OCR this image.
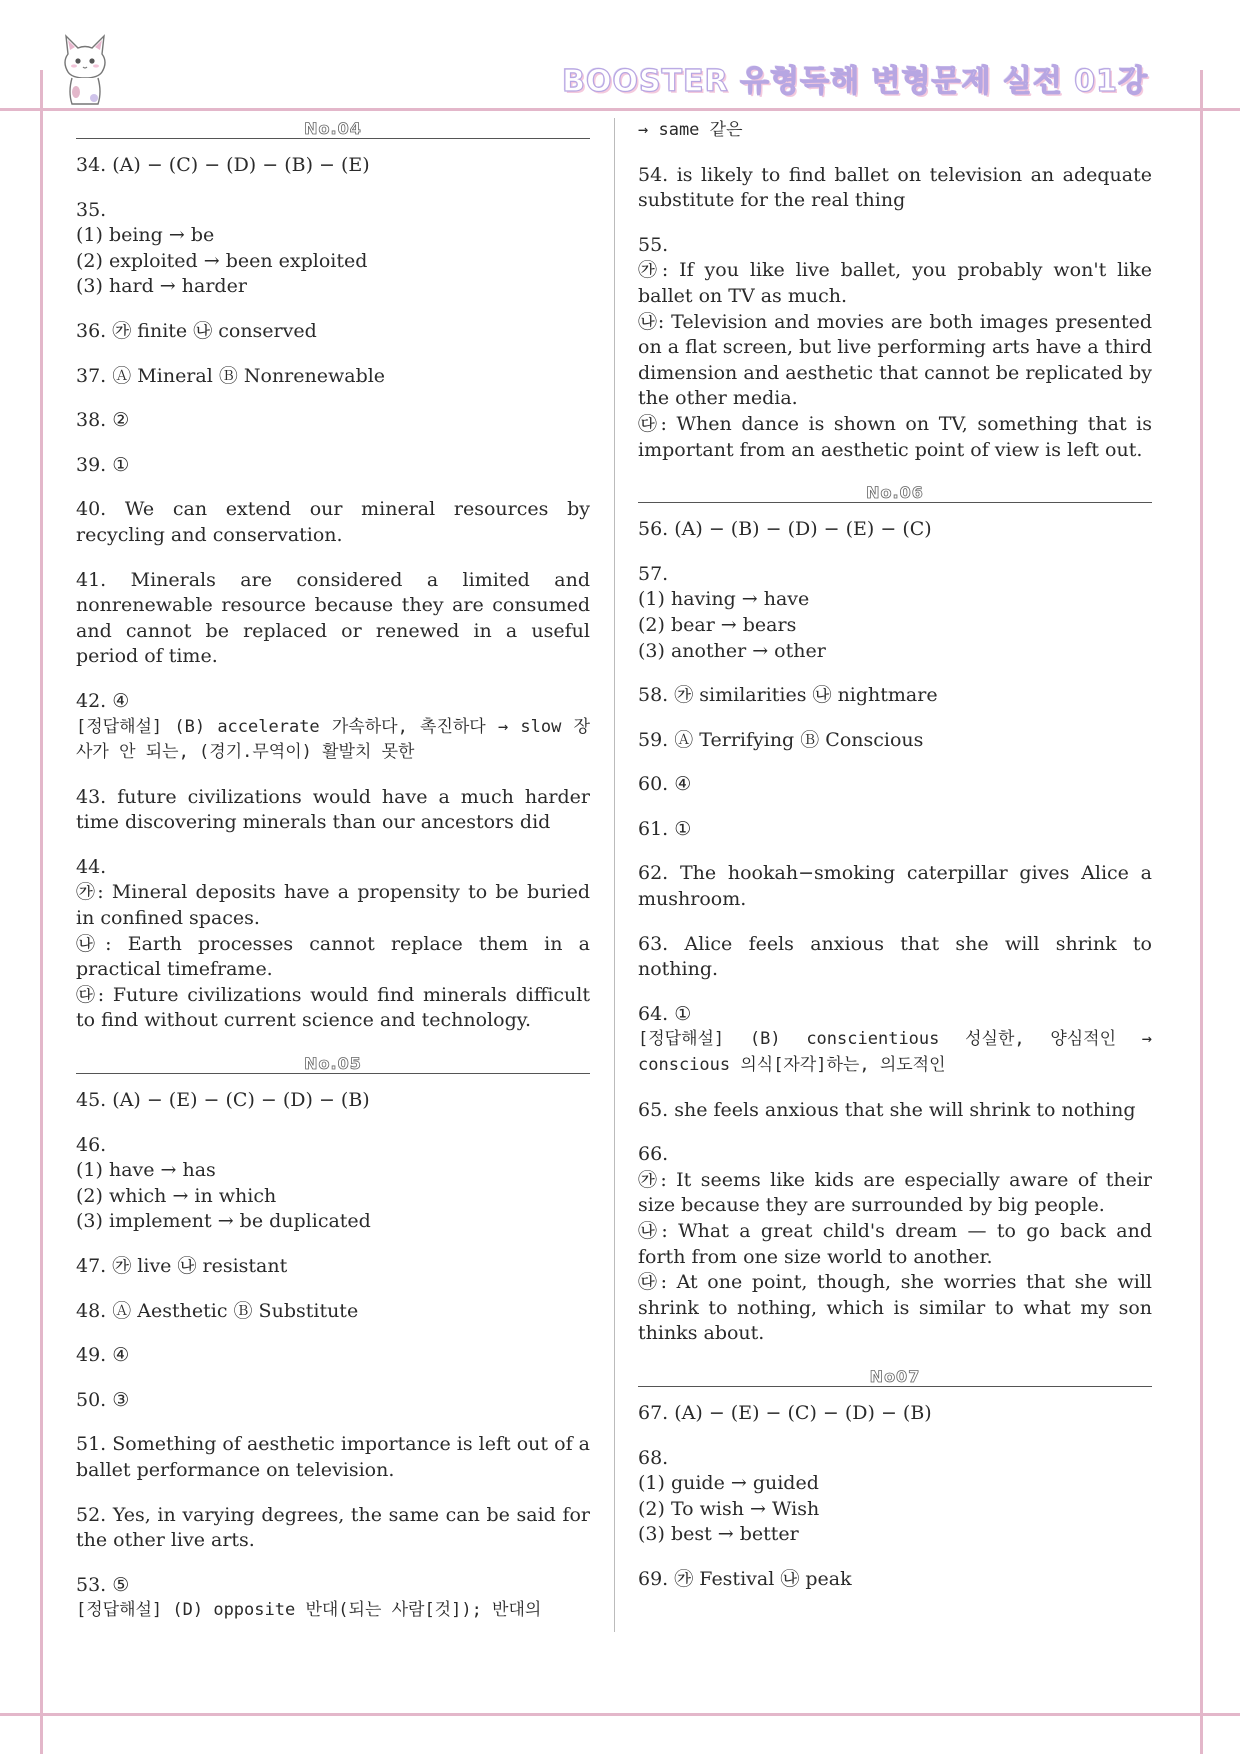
BOOSTER 유형독해 변형문제 실전 01강
No.04

34. (A) − (C) − (D) − (B) − (E)

35.

(1) being → be

(2) exploited → been exploited

(3) hard → harder

36. ㉮ finite ㉯ conserved

37. Ⓐ Mineral Ⓑ Nonrenewable

38. ②

39. ①

40. We can extend our mineral resources by recycling and conservation.

41. Minerals are considered a limited and nonrenewable resource because they are consumed and cannot be replaced or renewed in a useful period of time.

42. ④

[정답해설] (B) accelerate 가속하다, 촉진하다 → slow 장사가 안 되는, (경기.무역이) 활발치 못한

43. future civilizations would have a much harder time discovering minerals than our ancestors did

44.

㉮: Mineral deposits have a propensity to be buried in confined spaces.

㉯: Earth processes cannot replace them in a practical timeframe.

㉰: Future civilizations would find minerals difficult to find without current science and technology.

No.05

45. (A) − (E) − (C) − (D) − (B)

46.

(1) have → has

(2) which → in which

(3) implement → be duplicated

47. ㉮ live ㉯ resistant

48. Ⓐ Aesthetic Ⓑ Substitute

49. ④

50. ③

51. Something of aesthetic importance is left out of a ballet performance on television.

52. Yes, in varying degrees, the same can be said for the other live arts.

53. ⑤

[정답해설] (D) opposite 반대(되는 사람[것]); 반대의

→ same 같은

54. is likely to find ballet on television an adequate substitute for the real thing

55.

㉮: If you like live ballet, you probably won't like ballet on TV as much.

㉯: Television and movies are both images presented on a flat screen, but live performing arts have a third dimension and aesthetic that cannot be replicated by the other media.

㉰: When dance is shown on TV, something that is important from an aesthetic point of view is left out.

No.06

56. (A) − (B) − (D) − (E) − (C)

57.

(1) having → have

(2) bear → bears

(3) another → other

58. ㉮ similarities ㉯ nightmare

59. Ⓐ Terrifying Ⓑ Conscious

60. ④

61. ①

62. The hookah−smoking caterpillar gives Alice a mushroom.

63. Alice feels anxious that she will shrink to nothing.

64. ①

[정답해설] (B) conscientious 성실한, 양심적인 → conscious 의식[자각]하는, 의도적인

65. she feels anxious that she will shrink to nothing

66.

㉮: It seems like kids are especially aware of their size because they are surrounded by big people.

㉯: What a great child's dream — to go back and forth from one size world to another.

㉰: At one point, though, she worries that she will shrink to nothing, which is similar to what my son thinks about.

No07

67. (A) − (E) − (C) − (D) − (B)

68.

(1) guide → guided

(2) To wish → Wish

(3) best → better

69. ㉮ Festival ㉯ peak
